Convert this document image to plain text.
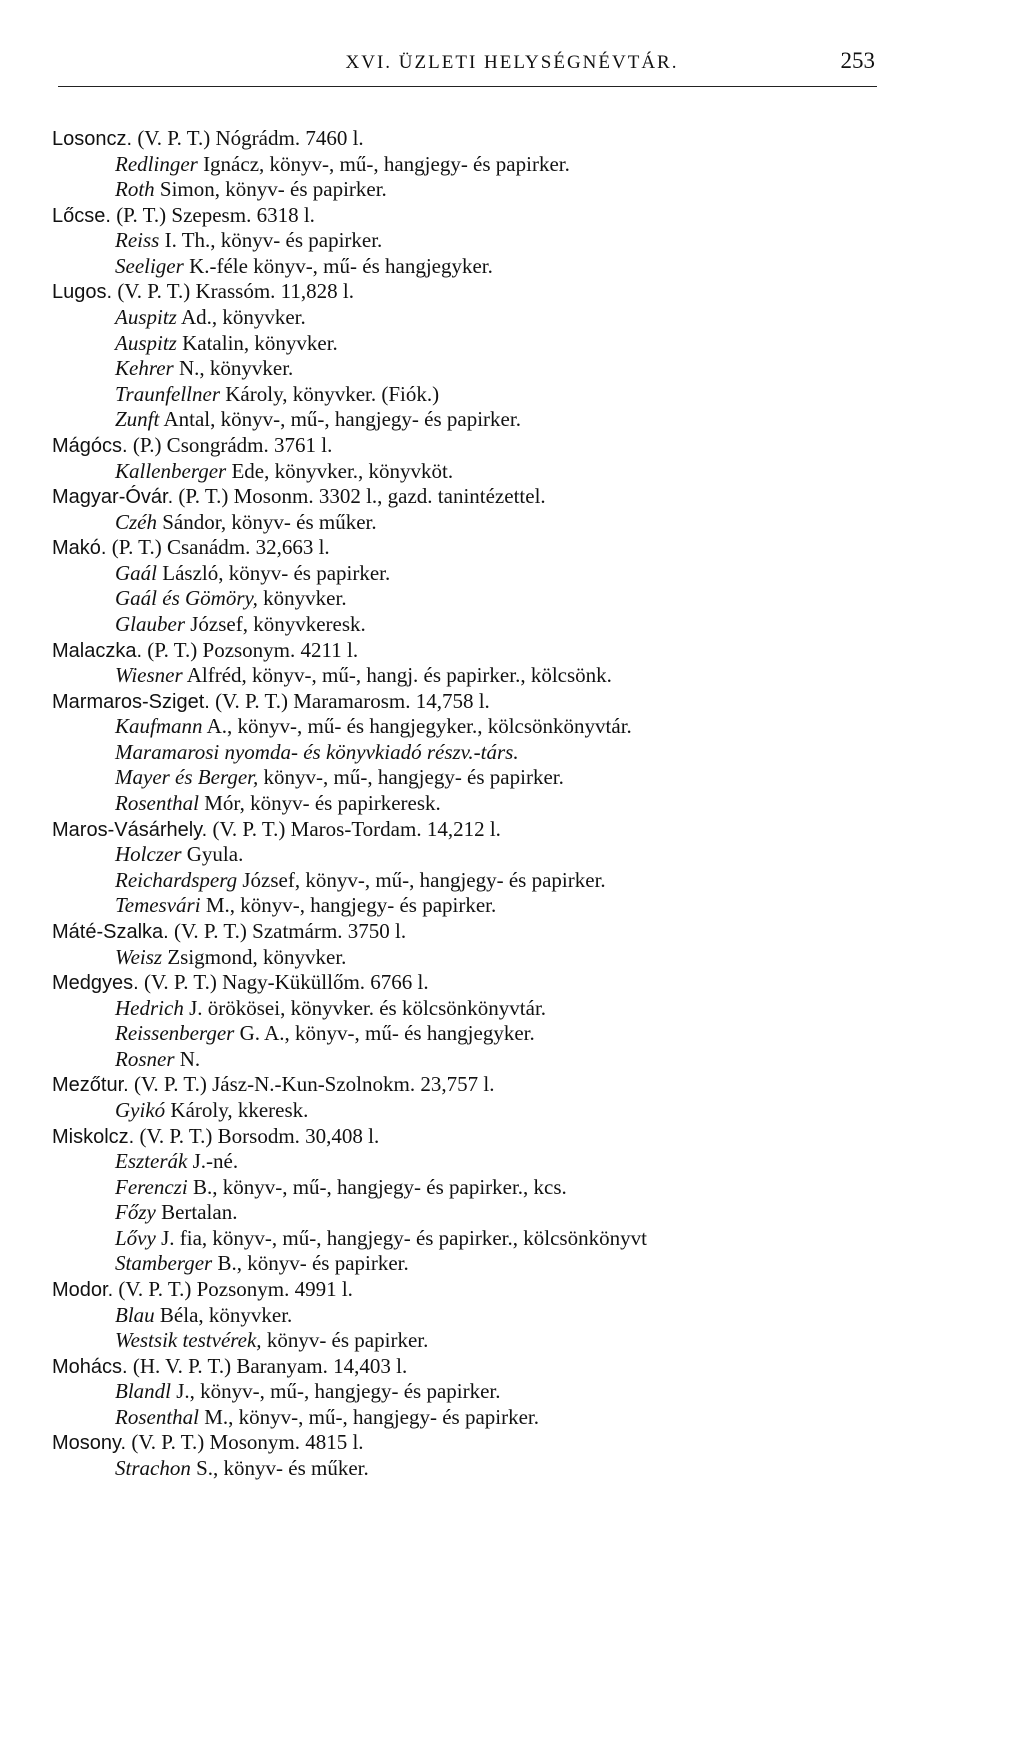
XVI. ÜZLETI HELYSÉGNÉVTÁR.	253
Losoncz. (V. P. T.) Nógrádm. 7460 l.
Redlinger Ignácz, könyv-, mű-, hangjegy- és papirker.
Roth Simon, könyv- és papirker.
Lőcse. (P. T.) Szepesm. 6318 l.
Reiss I. Th., könyv- és papirker.
Seeliger K.-féle könyv-, mű- és hangjegyker.
Lugos. (V. P. T.) Krassóm. 11,828 l.
Auspitz Ad., könyvker.
Auspitz Katalin, könyvker.
Kehrer N., könyvker.
Traunfellner Károly, könyvker. (Fiók.)
Zunft Antal, könyv-, mű-, hangjegy- és papirker.
Mágócs. (P.) Csongrádm. 3761 l.
Kallenberger Ede, könyvker., könyvköt.
Magyar-Óvár. (P. T.) Mosonm. 3302 l., gazd. tanintézettel.
Czéh Sándor, könyv- és műker.
Makó. (P. T.) Csanádm. 32,663 l.
Gaál László, könyv- és papirker.
Gaál és Gömöry, könyvker.
Glauber József, könyvkeresk.
Malaczka. (P. T.) Pozsonym. 4211 l.
Wiesner Alfréd, könyv-, mű-, hangj. és papirker., kölcsönk.
Marmaros-Sziget. (V. P. T.) Maramarosm. 14,758 l.
Kaufmann A., könyv-, mű- és hangjegyker., kölcsönkönyvtár.
Maramarosi nyomda- és könyvkiadó részv.-társ.
Mayer és Berger, könyv-, mű-, hangjegy- és papirker.
Rosenthal Mór, könyv- és papirkeresk.
Maros-Vásárhely. (V. P. T.) Maros-Tordam. 14,212 l.
Holczer Gyula.
Reichardsperg József, könyv-, mű-, hangjegy- és papirker.
Temesvári M., könyv-, hangjegy- és papirker.
Máté-Szalka. (V. P. T.) Szatmárm. 3750 l.
Weisz Zsigmond, könyvker.
Medgyes. (V. P. T.) Nagy-Küküllőm. 6766 l.
Hedrich J. örökösei, könyvker. és kölcsönkönyvtár.
Reissenberger G. A., könyv-, mű- és hangjegyker.
Rosner N.
Mezőtur. (V. P. T.) Jász-N.-Kun-Szolnokm. 23,757 l.
Gyikó Károly, kkeresk.
Miskolcz. (V. P. T.) Borsodm. 30,408 l.
Eszterák J.-né.
Ferenczi B., könyv-, mű-, hangjegy- és papirker., kcs.
Főzy Bertalan.
Lővy J. fia, könyv-, mű-, hangjegy- és papirker., kölcsönkönyvt
Stamberger B., könyv- és papirker.
Modor. (V. P. T.) Pozsonym. 4991 l.
Blau Béla, könyvker.
Westsik testvérek, könyv- és papirker.
Mohács. (H. V. P. T.) Baranyam. 14,403 l.
Blandl J., könyv-, mű-, hangjegy- és papirker.
Rosenthal M., könyv-, mű-, hangjegy- és papirker.
Mosony. (V. P. T.) Mosonym. 4815 l.
Strachon S., könyv- és műker.
